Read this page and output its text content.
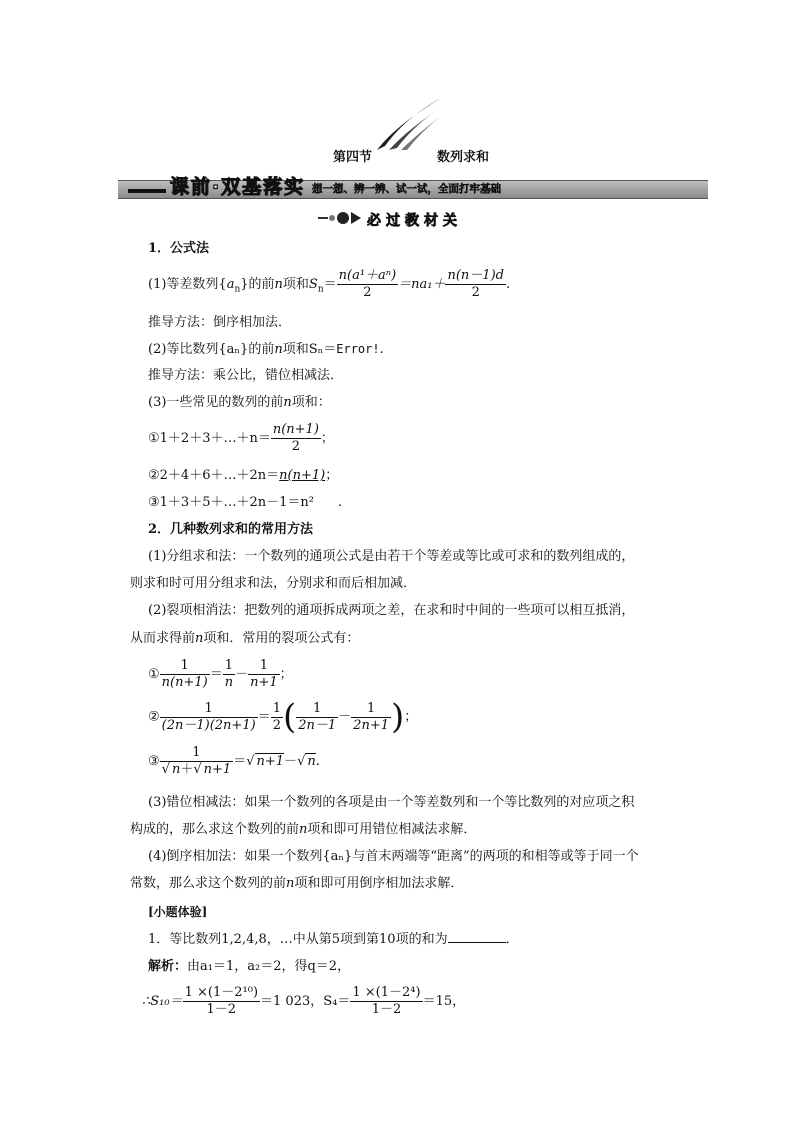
第四节	数列求和
课前·双基落实 想一想、辨一辨、试一试，全面打牢基础
必过教材关
1．公式法
(1)等差数列$\{a_n\}$的前n项和$S_n= \frac{\text{n(a¹＋aⁿ)}}{2} =na_1+ \frac{n(n-1)d}{2}$ .
推导方法：倒序相加法．
(2)等比数列{aₙ}的前n项和Sₙ＝Error!.
推导方法：乘公比，错位相减法．
(3)一些常见的数列的前n项和：
①1＋2＋3＋…＋n＝ $\frac{n(n+1)}{2}$ ；
②2＋4＋6＋…＋2n＝n(n+1)；
③1＋3＋5＋…＋2n－1＝n² .
2．几种数列求和的常用方法
(1)分组求和法：一个数列的通项公式是由若干个等差或等比或可求和的数列组成的，
则求和时可用分组求和法，分别求和而后相加减．
(2)裂项相消法：把数列的通项拆成两项之差，在求和时中间的一些项可以相互抵消，
从而求得前n项和．常用的裂项公式有：
① $\frac{1}{n(n+1)} = \frac{1}{n} - \frac{1}{n+1}$ ；
② $\frac{1}{(2n-1)(2n+1)} = \frac{1}{2}$ ( $\frac{1}{2n-1} - \frac{1}{2n+1}$ )；
③ $\frac{1}{√ n+√ n+1}$ ＝√ n+1－√ n.
(3)错位相减法：如果一个数列的各项是由一个等差数列和一个等比数列的对应项之积
构成的，那么求这个数列的前n项和即可用错位相减法求解．
(4)倒序相加法：如果一个数列{aₙ}与首末两端等“距离”的两项的和相等或等于同一个
常数，那么求这个数列的前n项和即可用倒序相加法求解．
[小题体验]
1．等比数列1,2,4,8，…中从第5项到第10项的和为	．
解析：由a₁＝1，a₂＝2，得q＝2，
∴S₁₀＝ $\frac{\text{1 ×(1－2¹⁰)}}{1-2} =1$ 023，$S_4= \frac{\text{1 ×(1－2⁴)}}{1-2} =15$，
